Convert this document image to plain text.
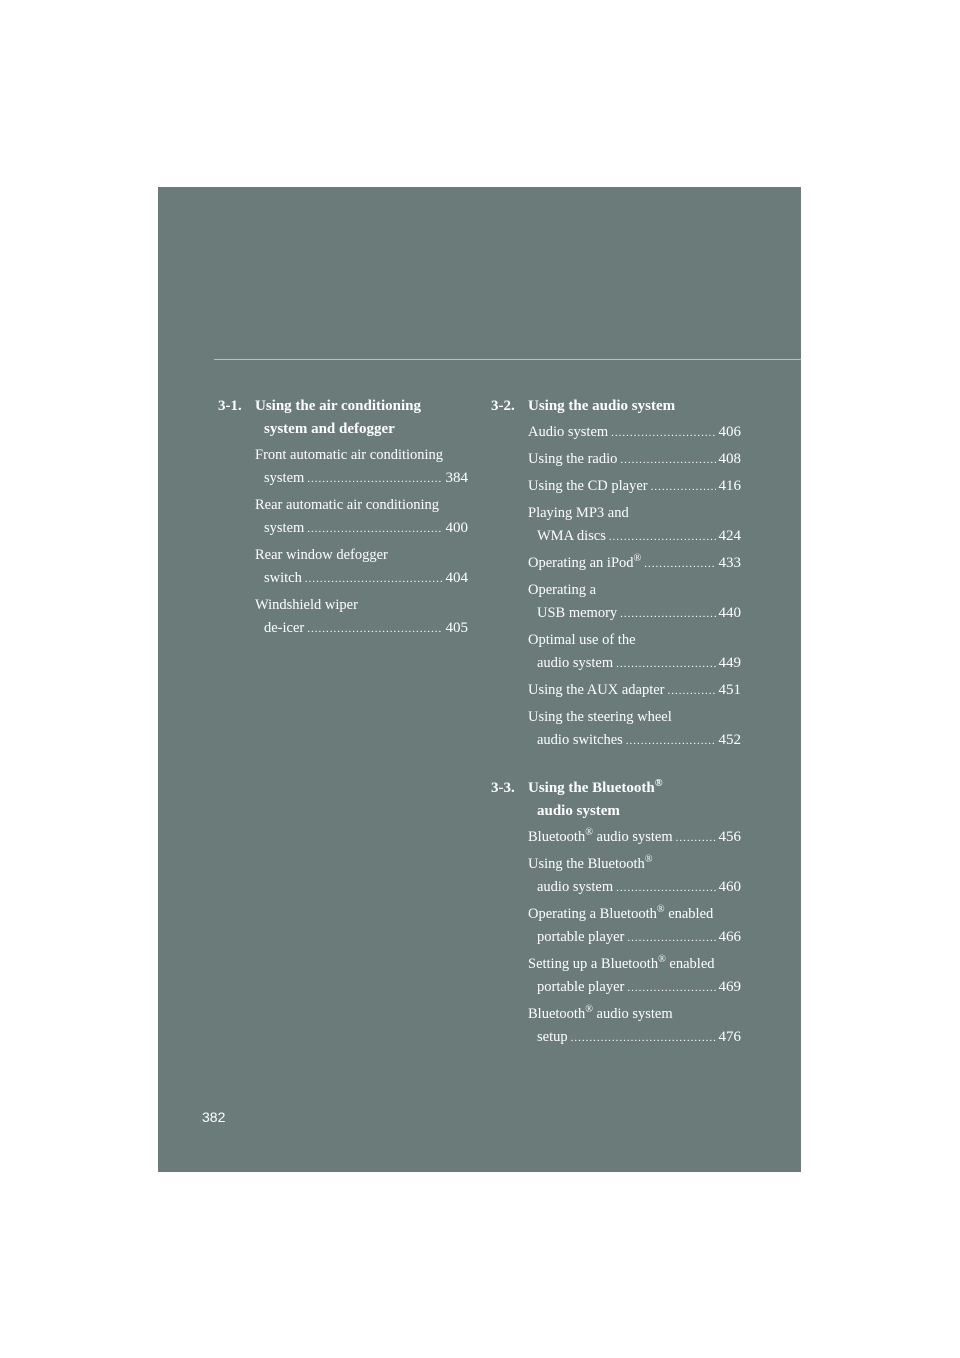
3-1. Using the air conditioning
system and defogger
Front automatic air conditioning
system .....	384
Rear automatic air conditioning
system .....	400
Rear window defogger
switch .....	404
Windshield wiper
de-icer .....	405
3-2. Using the audio system
Audio system .....	406
Using the radio .....	408
Using the CD player .....	416
Playing MP3 and
WMA discs .....	424
Operating an iPod® .....	433
Operating a
USB memory .....	440
Optimal use of the
audio system .....	449
Using the AUX adapter .....	451
Using the steering wheel
audio switches .....	452
3-3. Using the Bluetooth®
audio system
Bluetooth® audio system .....	456
Using the Bluetooth®
audio system .....	460
Operating a Bluetooth® enabled
portable player .....	466
Setting up a Bluetooth® enabled
portable player .....	469
Bluetooth® audio system
setup .....	476
382
